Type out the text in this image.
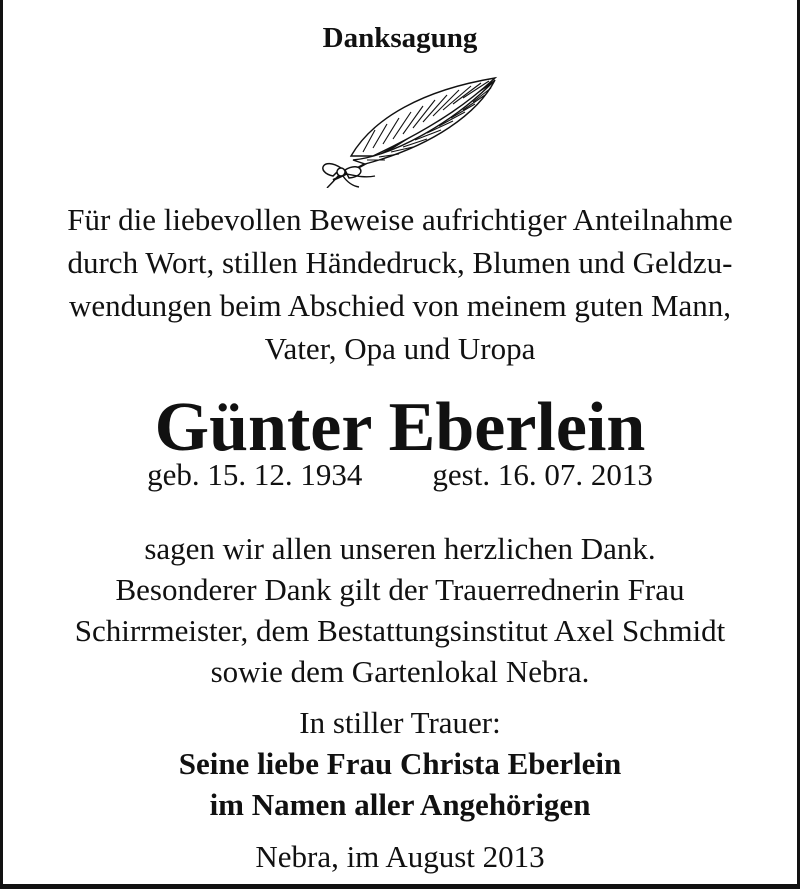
Danksagung
Für die liebevollen Beweise aufrichtiger Anteilnahme
durch Wort, stillen Händedruck, Blumen und Geldzu-
wendungen beim Abschied von meinem guten Mann,
Vater, Opa und Uropa
Günter Eberlein
geb. 15. 12. 1934 gest. 16. 07. 2013
sagen wir allen unseren herzlichen Dank.
Besonderer Dank gilt der Trauerrednerin Frau
Schirrmeister, dem Bestattungsinstitut Axel Schmidt
sowie dem Gartenlokal Nebra.
In stiller Trauer:
Seine liebe Frau Christa Eberlein
im Namen aller Angehörigen
Nebra, im August 2013
